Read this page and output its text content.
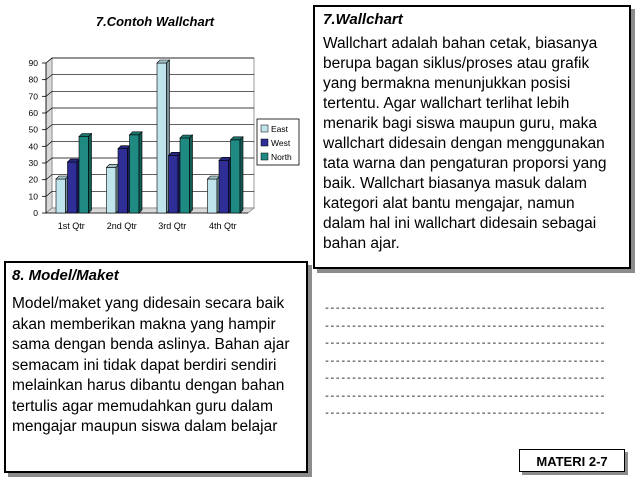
7.Contoh Wallchart
0
10
20
30
40
50
60
70
80
90
1st Qtr 2nd Qtr 3rd Qtr	4th Qtr
East
West
North
7.Wallchart
Wallchart adalah bahan cetak, biasanya berupa bagan siklus/proses atau grafik yang bermakna menunjukkan posisi tertentu. Agar wallchart terlihat lebih menarik bagi siswa maupun guru, maka wallchart didesain dengan menggunakan tata warna dan pengaturan proporsi yang baik. Wallchart biasanya masuk dalam kategori alat bantu mengajar, namun dalam hal ini wallchart didesain sebagai bahan ajar.
8. Model/Maket
Model/maket yang didesain secara baik akan memberikan makna yang hampir sama dengan benda aslinya. Bahan ajar semacam ini tidak dapat berdiri sendiri melainkan harus dibantu dengan bahan tertulis agar memudahkan guru dalam mengajar maupun siswa dalam belajar
----------------------------------------------------
----------------------------------------------------
----------------------------------------------------
----------------------------------------------------
----------------------------------------------------
----------------------------------------------------
----------------------------------------------------
MATERI 2-7
